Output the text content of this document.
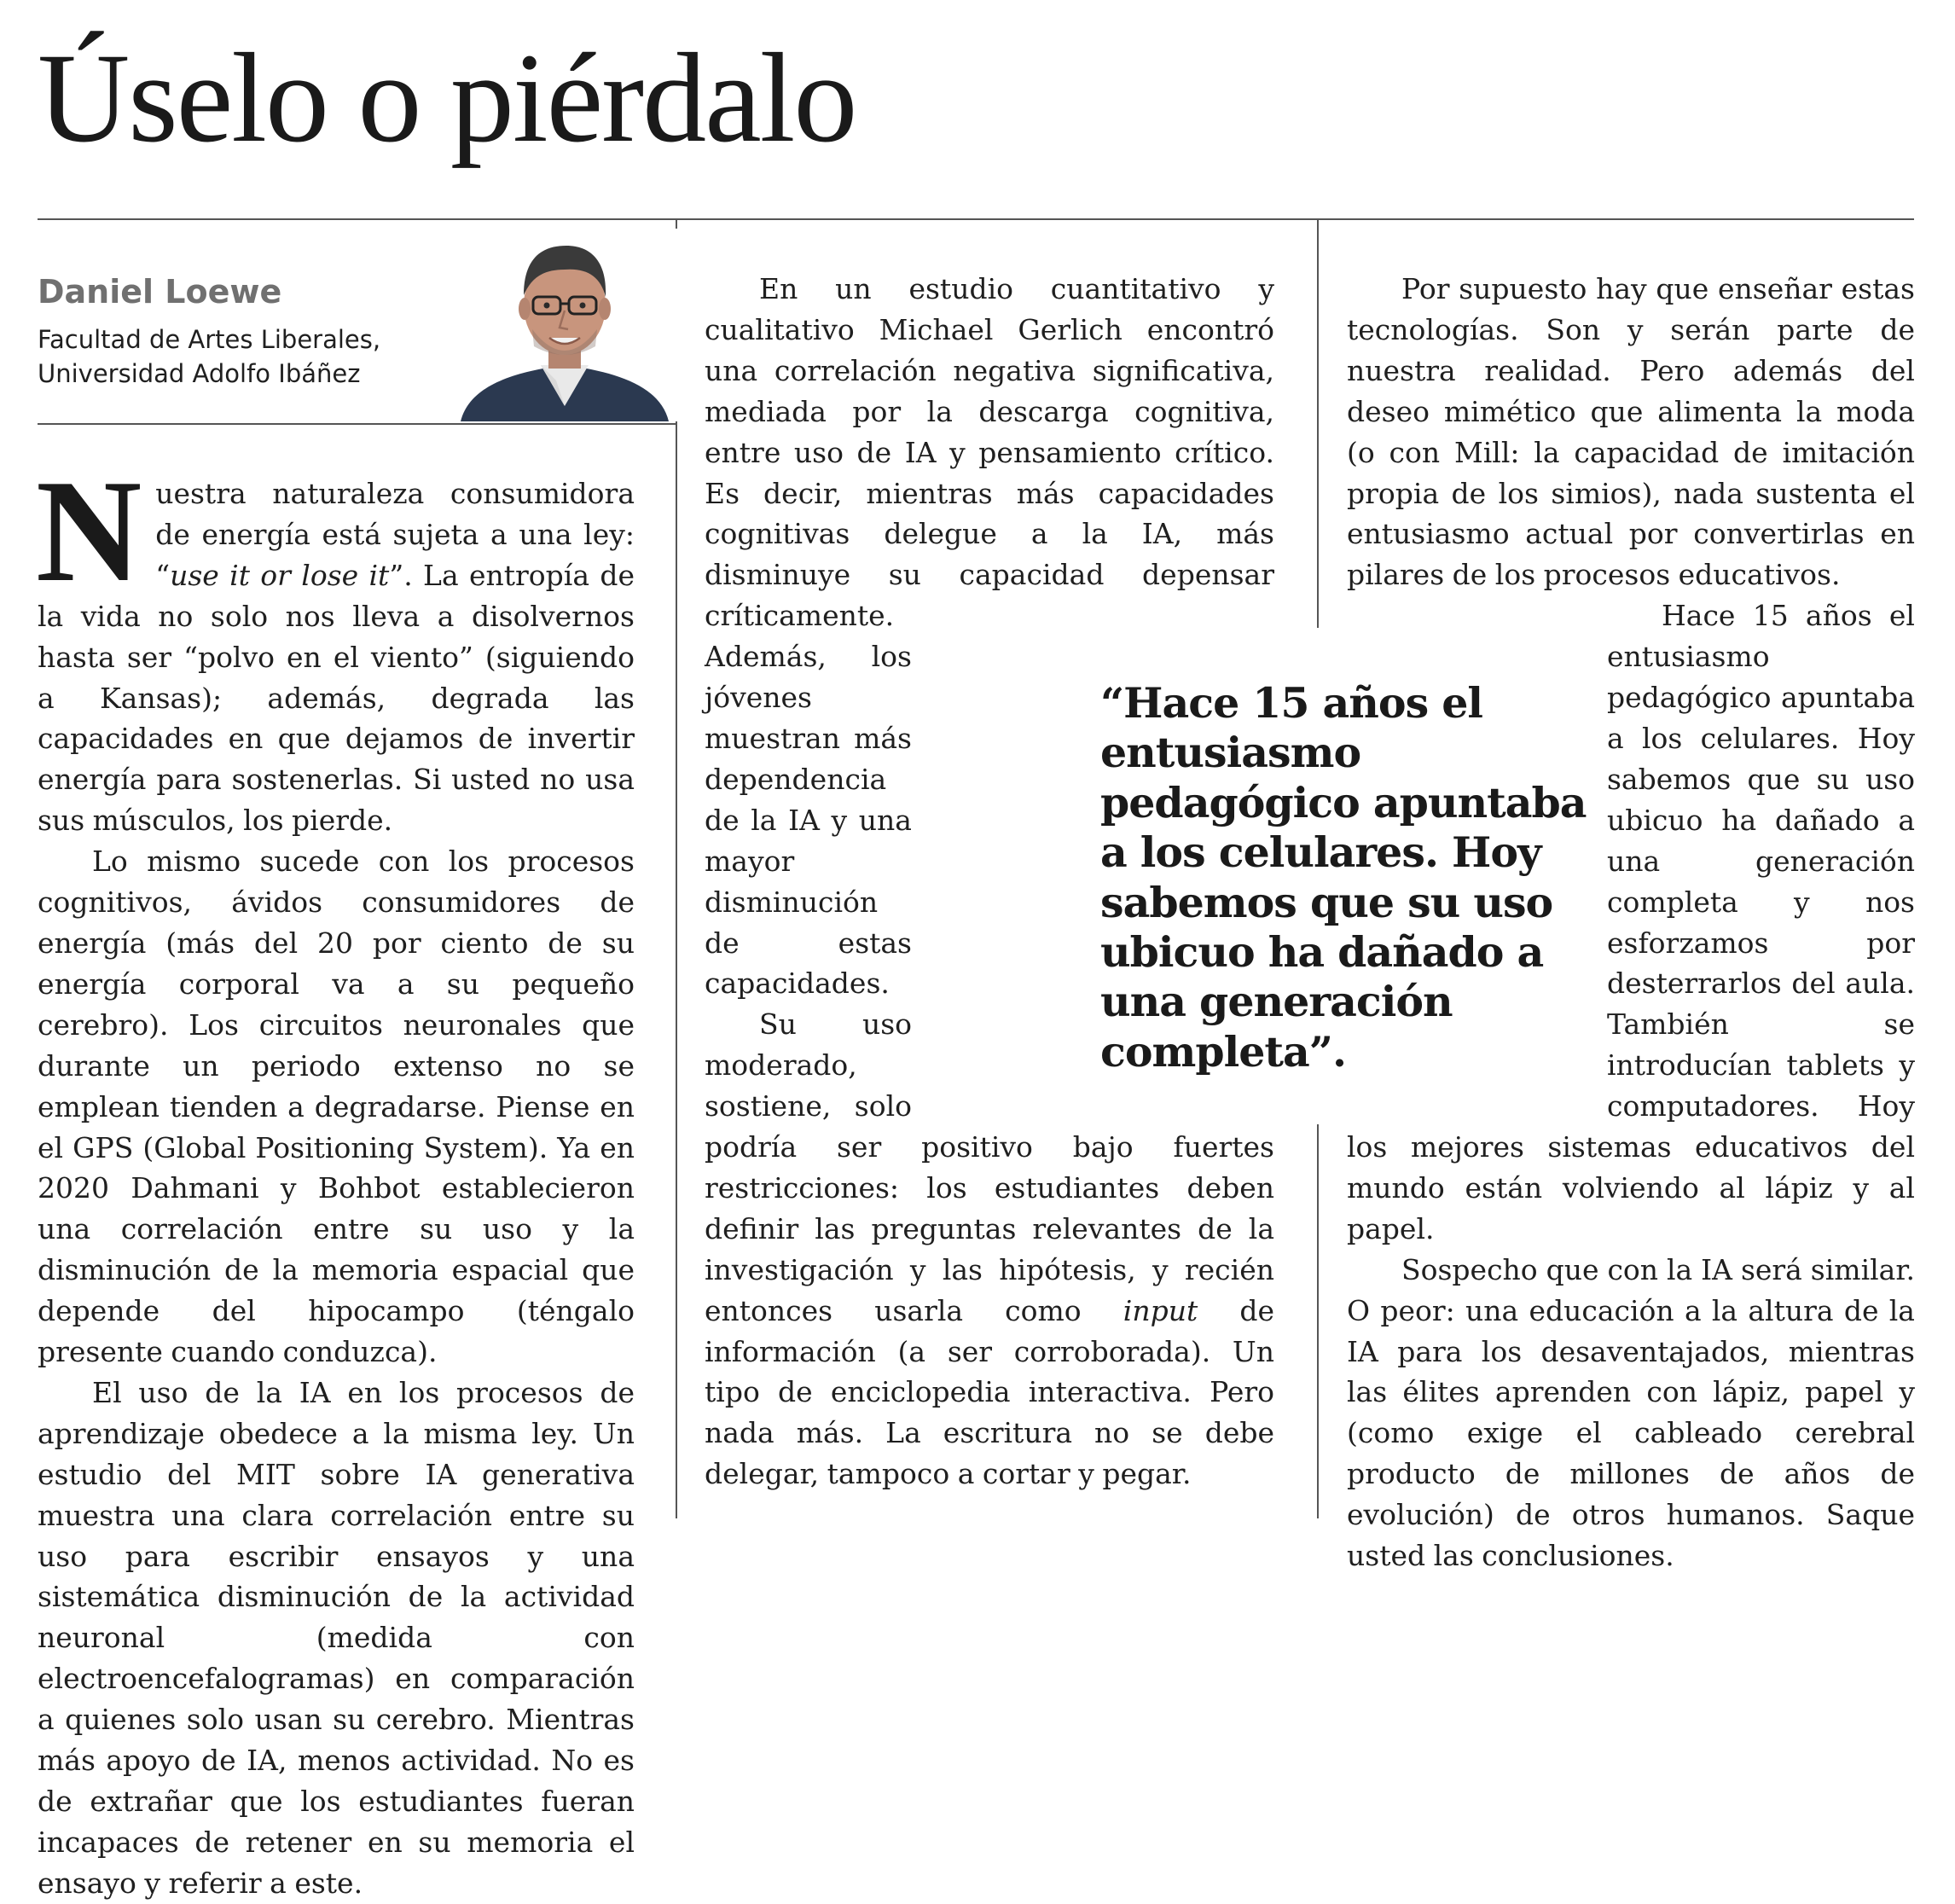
Úselo o piérdalo
Daniel Loewe
Facultad de Artes Liberales,
Universidad Adolfo Ibáñez

Nuestra naturaleza consumidora de energía está sujeta a una ley: “use it or lose it”. La entropía de la vida no solo nos lleva a disolvernos hasta ser “polvo en el viento” (siguiendo a Kansas); además, degrada las capacidades en que dejamos de invertir energía para sostenerlas. Si usted no usa sus músculos, los pierde.

Lo mismo sucede con los procesos cognitivos, ávidos consumidores de energía (más del 20 por ciento de su energía corporal va a su pequeño cerebro). Los circuitos neuronales que durante un periodo extenso no se emplean tienden a degradarse. Piense en el GPS (Global Positioning System). Ya en 2020 Dahmani y Bohbot establecieron una correlación entre su uso y la disminución de la memoria espacial que depende del hipocampo (téngalo presente cuando conduzca).

El uso de la IA en los procesos de aprendizaje obedece a la misma ley. Un estudio del MIT sobre IA generativa muestra una clara correlación entre su uso para escribir ensayos y una sistemática disminución de la actividad neuronal (medida con electroencefalogramas) en comparación a quienes solo usan su cerebro. Mientras más apoyo de IA, menos actividad. No es de extrañar que los estudiantes fueran incapaces de retener en su memoria el ensayo y referir a este.

En un estudio cuantitativo y cualitativo Michael Gerlich encontró una correlación negativa significativa, mediada por la descarga cognitiva, entre uso de IA y pensamiento crítico. Es decir, mientras más capacidades cognitivas delegue a la IA, más disminuye su capacidad depensar críticamente. Además, los jóvenes muestran más dependencia de la IA y una mayor disminución de estas capacidades.

Su uso moderado, sostiene, solo podría ser positivo bajo fuertes restricciones: los estudiantes deben definir las preguntas relevantes de la investigación y las hipótesis, y recién entonces usarla como input de información (a ser corroborada). Un tipo de enciclopedia interactiva. Pero nada más. La escritura no se debe delegar, tampoco a cortar y pegar.

Por supuesto hay que enseñar estas tecnologías. Son y serán parte de nuestra realidad. Pero además del deseo mimético que alimenta la moda (o con Mill: la capacidad de imitación propia de los simios), nada sustenta el entusiasmo actual por convertirlas en pilares de los procesos educativos.

Hace 15 años el entusiasmo pedagógico apuntaba a los celulares. Hoy sabemos que su uso ubicuo ha dañado a una generación completa y nos esforzamos por desterrarlos del aula. También se introducían tablets y computadores. Hoy los mejores sistemas educativos del mundo están volviendo al lápiz y al papel.

Sospecho que con la IA será similar. O peor: una educación a la altura de la IA para los desaventajados, mientras las élites aprenden con lápiz, papel y (como exige el cableado cerebral producto de millones de años de evolución) de otros humanos. Saque usted las conclusiones.

“Hace 15 años el entusiasmo pedagógico apuntaba a los celulares. Hoy sabemos que su uso ubicuo ha dañado a una generación completa”.
